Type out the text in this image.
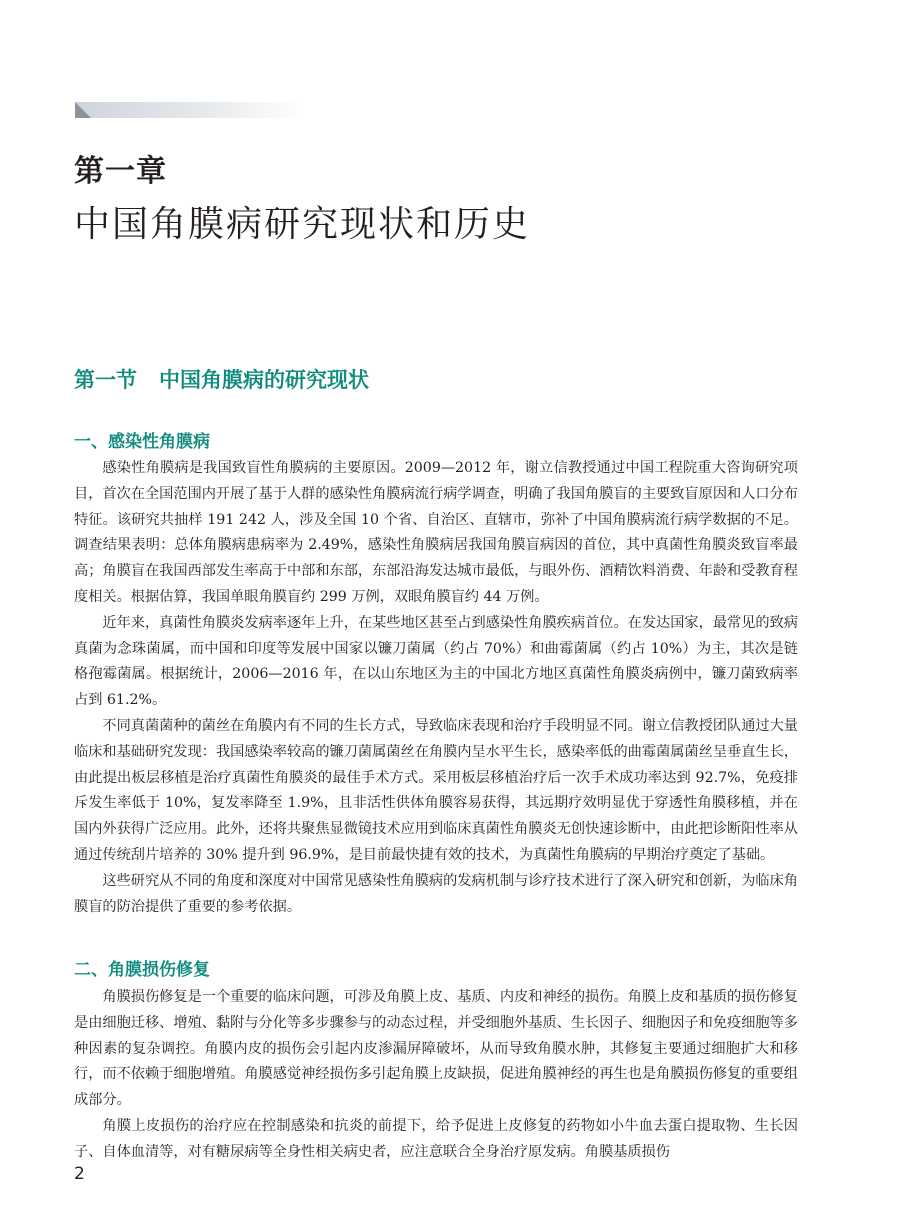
第一章
中国角膜病研究现状和历史
第一节 中国角膜病的研究现状
一、感染性角膜病

感染性角膜病是我国致盲性角膜病的主要原因。2009—2012 年，谢立信教授通过中国工程院重大咨询研究项目，首次在全国范围内开展了基于人群的感染性角膜病流行病学调查，明确了我国角膜盲的主要致盲原因和人口分布特征。该研究共抽样 191 242 人，涉及全国 10 个省、自治区、直辖市，弥补了中国角膜病流行病学数据的不足。调查结果表明：总体角膜病患病率为 2.49%，感染性角膜病居我国角膜盲病因的首位，其中真菌性角膜炎致盲率最高；角膜盲在我国西部发生率高于中部和东部，东部沿海发达城市最低，与眼外伤、酒精饮料消费、年龄和受教育程度相关。根据估算，我国单眼角膜盲约 299 万例，双眼角膜盲约 44 万例。

近年来，真菌性角膜炎发病率逐年上升，在某些地区甚至占到感染性角膜疾病首位。在发达国家，最常见的致病真菌为念珠菌属，而中国和印度等发展中国家以镰刀菌属（约占 70%）和曲霉菌属（约占 10%）为主，其次是链格孢霉菌属。根据统计，2006—2016 年，在以山东地区为主的中国北方地区真菌性角膜炎病例中，镰刀菌致病率占到 61.2%。

不同真菌菌种的菌丝在角膜内有不同的生长方式，导致临床表现和治疗手段明显不同。谢立信教授团队通过大量临床和基础研究发现：我国感染率较高的镰刀菌属菌丝在角膜内呈水平生长，感染率低的曲霉菌属菌丝呈垂直生长，由此提出板层移植是治疗真菌性角膜炎的最佳手术方式。采用板层移植治疗后一次手术成功率达到 92.7%，免疫排斥发生率低于 10%，复发率降至 1.9%，且非活性供体角膜容易获得，其远期疗效明显优于穿透性角膜移植，并在国内外获得广泛应用。此外，还将共聚焦显微镜技术应用到临床真菌性角膜炎无创快速诊断中，由此把诊断阳性率从通过传统刮片培养的 30% 提升到 96.9%，是目前最快捷有效的技术，为真菌性角膜病的早期治疗奠定了基础。

这些研究从不同的角度和深度对中国常见感染性角膜病的发病机制与诊疗技术进行了深入研究和创新，为临床角膜盲的防治提供了重要的参考依据。

二、角膜损伤修复

角膜损伤修复是一个重要的临床问题，可涉及角膜上皮、基质、内皮和神经的损伤。角膜上皮和基质的损伤修复是由细胞迁移、增殖、黏附与分化等多步骤参与的动态过程，并受细胞外基质、生长因子、细胞因子和免疫细胞等多种因素的复杂调控。角膜内皮的损伤会引起内皮渗漏屏障破坏，从而导致角膜水肿，其修复主要通过细胞扩大和移行，而不依赖于细胞增殖。角膜感觉神经损伤多引起角膜上皮缺损，促进角膜神经的再生也是角膜损伤修复的重要组成部分。

角膜上皮损伤的治疗应在控制感染和抗炎的前提下，给予促进上皮修复的药物如小牛血去蛋白提取物、生长因子、自体血清等，对有糖尿病等全身性相关病史者，应注意联合全身治疗原发病。角膜基质损伤

2
